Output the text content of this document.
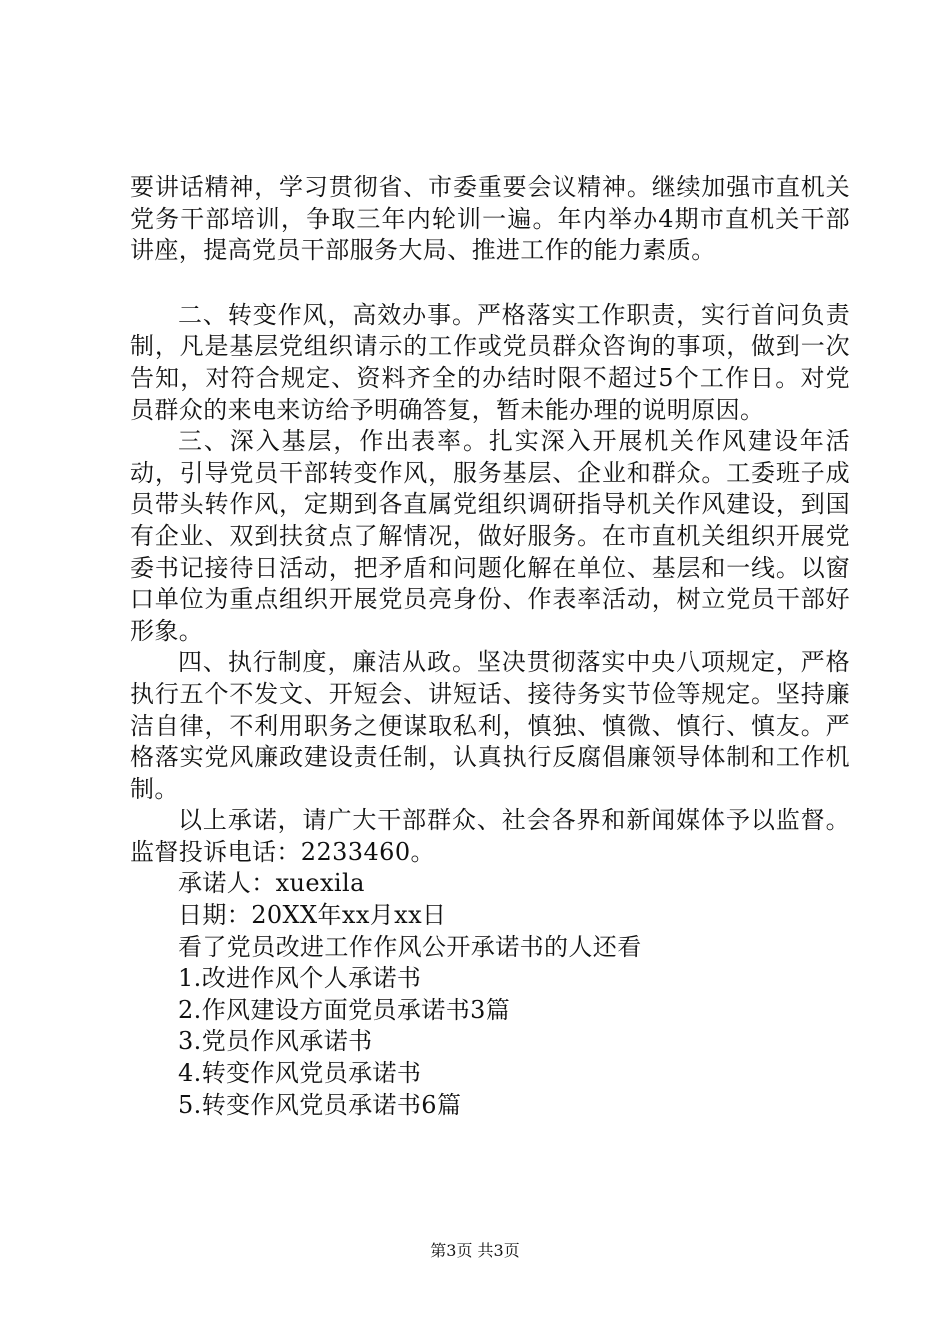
要讲话精神，学习贯彻省、市委重要会议精神。继续加强市直机关党务干部培训，争取三年内轮训一遍。年内举办4期市直机关干部讲座，提高党员干部服务大局、推进工作的能力素质。

二、转变作风，高效办事。严格落实工作职责，实行首问负责制，凡是基层党组织请示的工作或党员群众咨询的事项，做到一次告知，对符合规定、资料齐全的办结时限不超过5个工作日。对党员群众的来电来访给予明确答复，暂未能办理的说明原因。

三、深入基层，作出表率。扎实深入开展机关作风建设年活动，引导党员干部转变作风，服务基层、企业和群众。工委班子成员带头转作风，定期到各直属党组织调研指导机关作风建设，到国有企业、双到扶贫点了解情况，做好服务。在市直机关组织开展党委书记接待日活动，把矛盾和问题化解在单位、基层和一线。以窗口单位为重点组织开展党员亮身份、作表率活动，树立党员干部好形象。

四、执行制度，廉洁从政。坚决贯彻落实中央八项规定，严格执行五个不发文、开短会、讲短话、接待务实节俭等规定。坚持廉洁自律，不利用职务之便谋取私利，慎独、慎微、慎行、慎友。严格落实党风廉政建设责任制，认真执行反腐倡廉领导体制和工作机制。

以上承诺，请广大干部群众、社会各界和新闻媒体予以监督。监督投诉电话：2233460。

承诺人：xuexila

日期：20XX年xx月xx日

看了党员改进工作作风公开承诺书的人还看

1.改进作风个人承诺书

2.作风建设方面党员承诺书3篇

3.党员作风承诺书

4.转变作风党员承诺书

5.转变作风党员承诺书6篇

第3页 共3页
